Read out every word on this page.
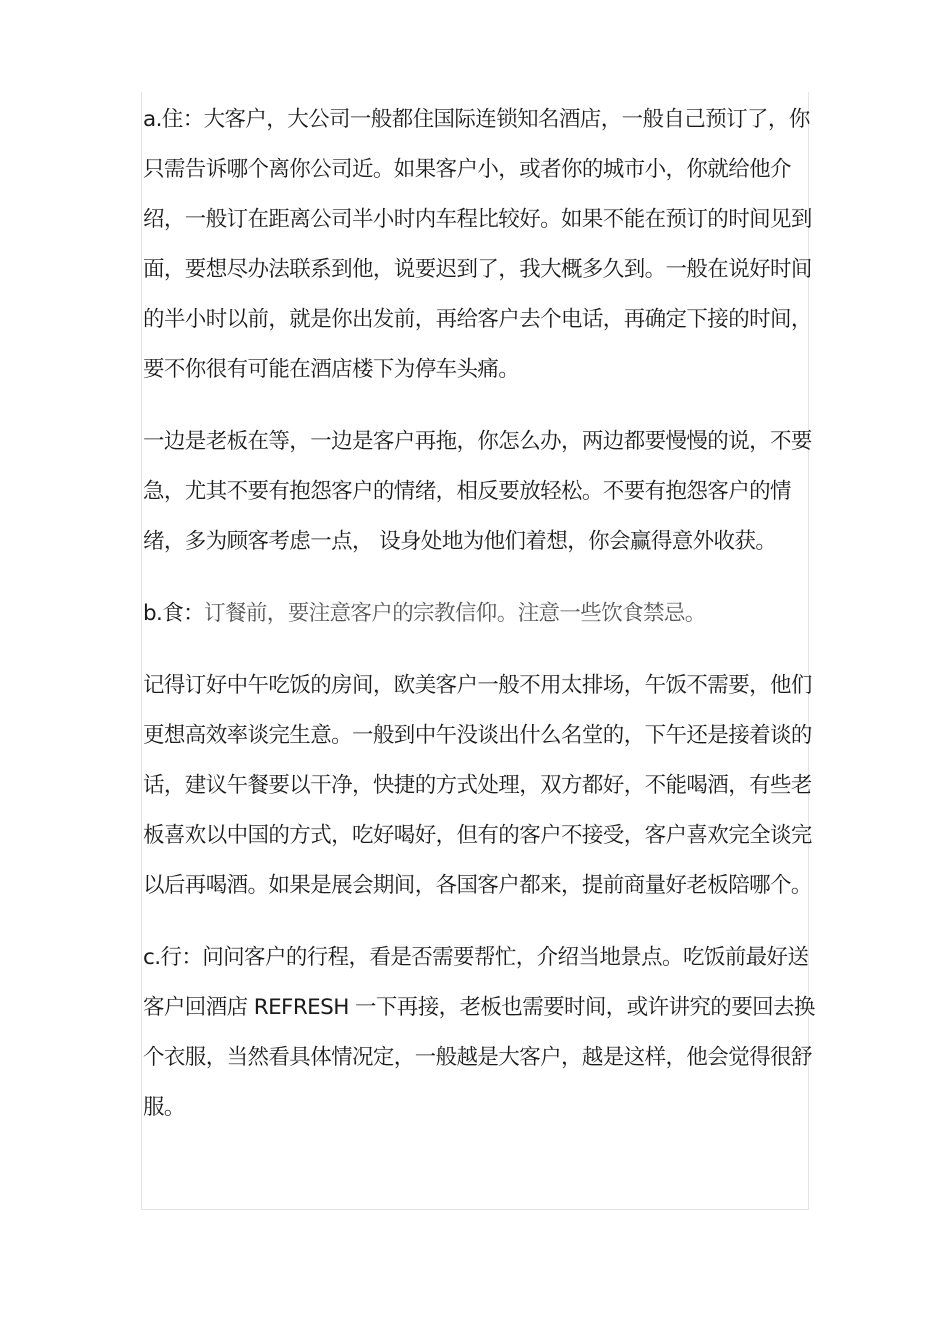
a.住：大客户，大公司一般都住国际连锁知名酒店，一般自己预订了，你只需告诉哪个离你公司近。如果客户小，或者你的城市小，你就给他介绍，一般订在距离公司半小时内车程比较好。如果不能在预订的时间见到面，要想尽办法联系到他，说要迟到了，我大概多久到。一般在说好时间的半小时以前，就是你出发前，再给客户去个电话，再确定下接的时间，要不你很有可能在酒店楼下为停车头痛。

一边是老板在等，一边是客户再拖，你怎么办，两边都要慢慢的说，不要急，尤其不要有抱怨客户的情绪，相反要放轻松。不要有抱怨客户的情绪，多为顾客考虑一点， 设身处地为他们着想，你会赢得意外收获。

b.食：订餐前，要注意客户的宗教信仰。注意一些饮食禁忌。

记得订好中午吃饭的房间，欧美客户一般不用太排场，午饭不需要，他们更想高效率谈完生意。一般到中午没谈出什么名堂的，下午还是接着谈的话，建议午餐要以干净，快捷的方式处理，双方都好，不能喝酒，有些老板喜欢以中国的方式，吃好喝好，但有的客户不接受，客户喜欢完全谈完以后再喝酒。如果是展会期间，各国客户都来，提前商量好老板陪哪个。

c.行：问问客户的行程，看是否需要帮忙，介绍当地景点。吃饭前最好送客户回酒店 REFRESH 一下再接，老板也需要时间，或许讲究的要回去换个衣服，当然看具体情况定，一般越是大客户，越是这样，他会觉得很舒服。
